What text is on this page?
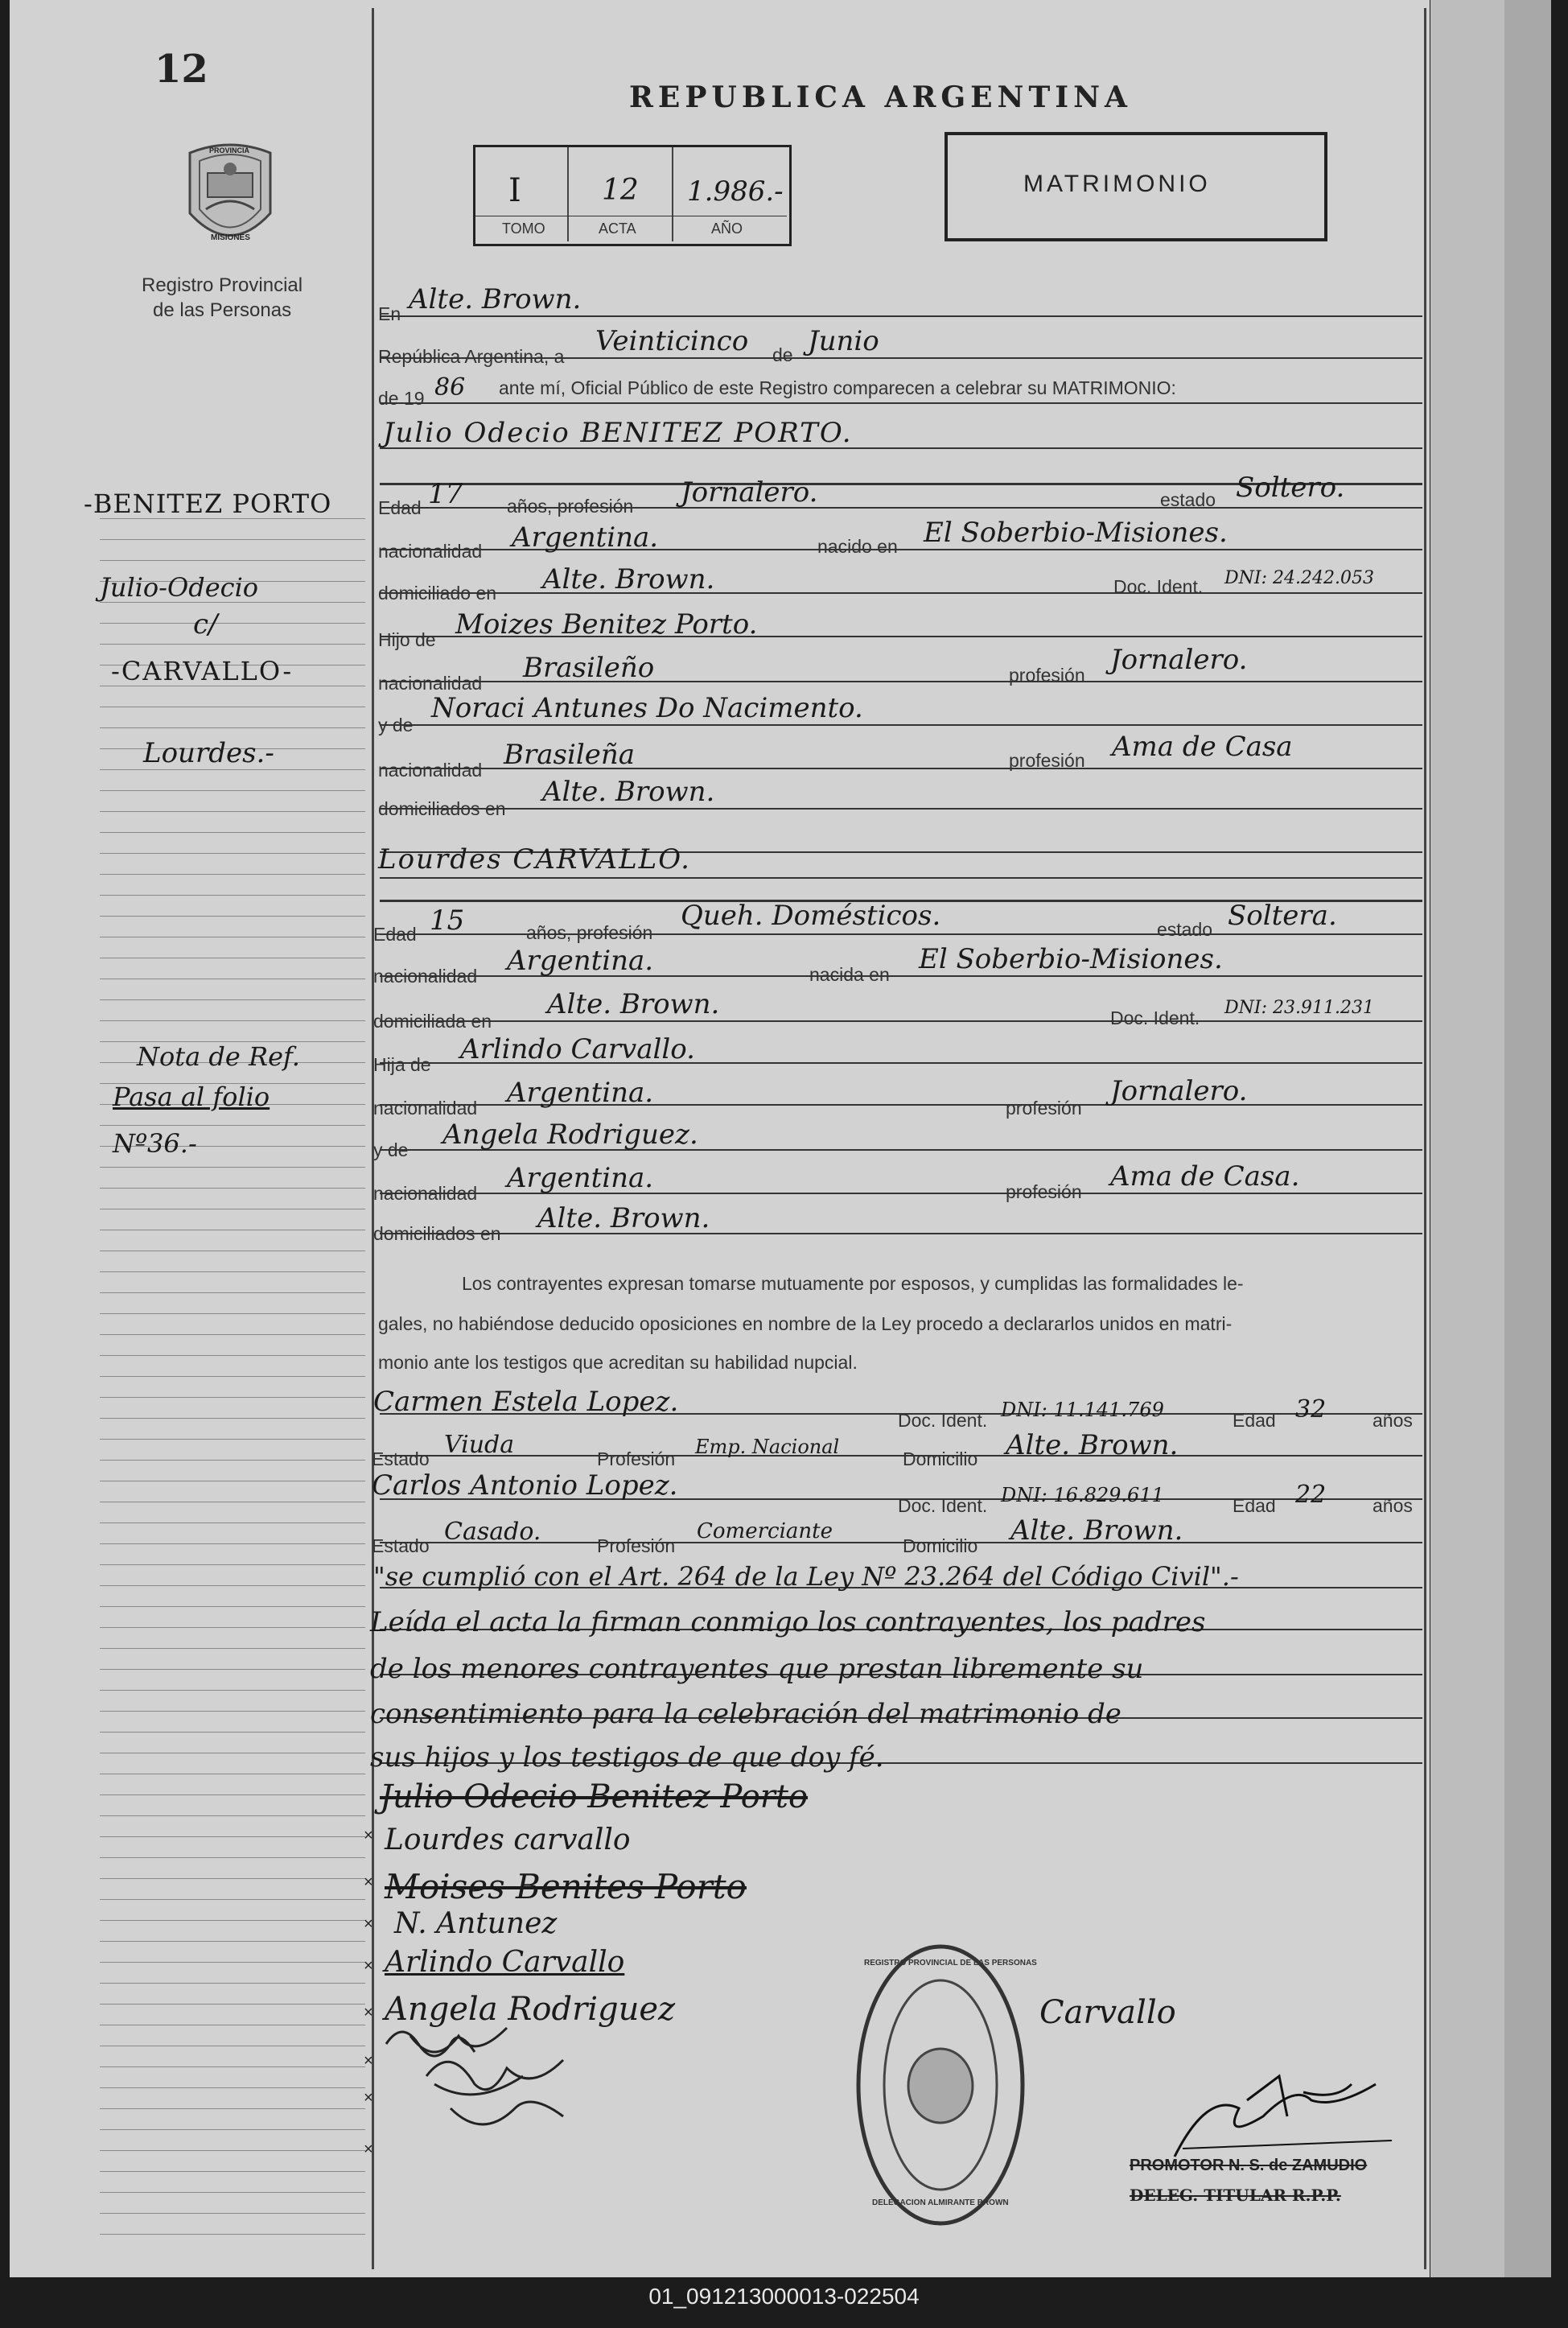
12
PROVINCIA
MISIONES
Registro Provincial
de las Personas
-BENITEZ PORTO
Julio-Odecio
c/
-CARVALLO-
Lourdes.-
Nota de Ref.
Pasa al folio
Nº36.-
REPUBLICA ARGENTINA
I
TOMO
12
ACTA
1.986.-
AÑO
MATRIMONIO
En Alte. Brown.
República Argentina, a Veinticinco de Junio
de 19 86 ante mí, Oficial Público de este Registro comparecen a celebrar su MATRIMONIO:
Julio Odecio BENITEZ PORTO.
Edad 17 años, profesión Jornalero.	estado Soltero.
nacionalidad Argentina.	nacido en El Soberbio-Misiones.
domiciliado en Alte. Brown.	Doc. Ident. DNI: 24.242.053
Hijo de Moizes Benitez Porto.
nacionalidad Brasileño	profesión Jornalero.
y de
Noraci Antunes Do Nacimento.
nacionalidad Brasileña	profesión Ama de Casa
domiciliados en
Alte. Brown.
Lourdes CARVALLO.
Edad 15	años, profesión
Queh. Domésticos.	estado Soltera.
nacionalidad Argentina.	nacida en El Soberbio-Misiones.
domiciliada en
Alte. Brown.	Doc. Ident. DNI: 23.911.231
Hija de Arlindo Carvallo.
nacionalidad Argentina.	profesión
Jornalero.
y de Angela Rodriguez.
nacionalidad Argentina.	profesión Ama de Casa.
domiciliados en Alte. Brown.
Los contrayentes expresan tomarse mutuamente por esposos, y cumplidas las formalidades le-
gales, no habiéndose deducido oposiciones en nombre de la Ley procedo a declararlos unidos en matri-
monio ante los testigos que acreditan su habilidad nupcial.
Carmen Estela Lopez.
Doc. Ident. DNI: 11.141.769	Edad 32	años
Estado Viuda	Profesión
Emp. Nacional
Domicilio Alte. Brown.
Carlos Antonio Lopez.
Doc. Ident. DNI: 16.829.611	Edad 22	años
Estado Casado.	Profesión
Comerciante
Domicilio Alte. Brown.
"se cumplió con el Art. 264 de la Ley Nº 23.264 del Código Civil".-
Leída el acta la firman conmigo los contrayentes, los padres
de los menores contrayentes que prestan libremente su
consentimiento para la celebración del matrimonio de
sus hijos y los testigos de que doy fé.
Julio Odecio Benitez Porto
Lourdes carvallo
Moises Benites Porto
N. Antunez
Arlindo Carvallo
Angela Rodriguez	Carvallo
×
×
×
×
×
×
×
×
REGISTRO PROVINCIAL DE LAS PERSONAS
DELEGACION ALMIRANTE BROWN
PROMOTOR N. S. de ZAMUDIO
DELEG. TITULAR R.P.P.
01_091213000013-022504
